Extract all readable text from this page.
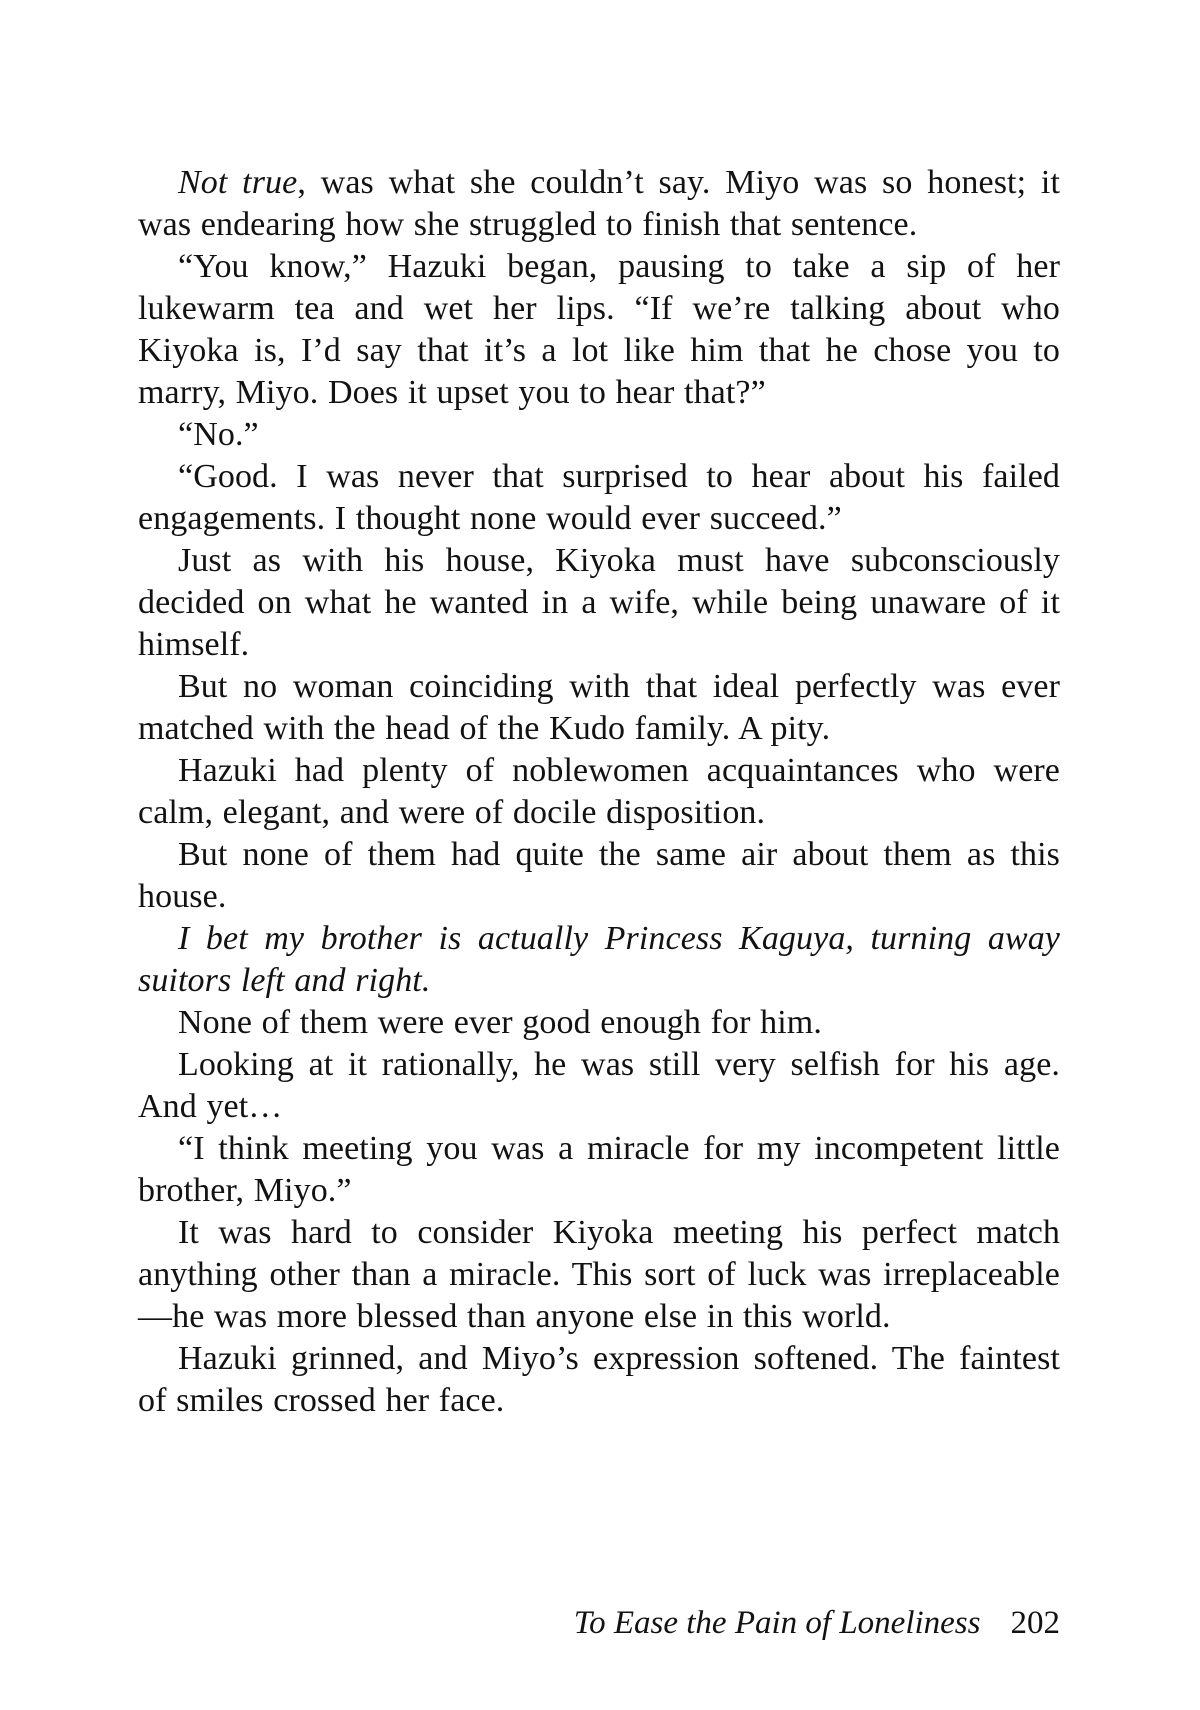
Not true, was what she couldn’t say. Miyo was so honest; it was endearing how she struggled to finish that sentence.

“You know,” Hazuki began, pausing to take a sip of her lukewarm tea and wet her lips. “If we’re talking about who Kiyoka is, I’d say that it’s a lot like him that he chose you to marry, Miyo. Does it upset you to hear that?”

“No.”

“Good. I was never that surprised to hear about his failed engagements. I thought none would ever succeed.”

Just as with his house, Kiyoka must have subconsciously decided on what he wanted in a wife, while being unaware of it himself.

But no woman coinciding with that ideal perfectly was ever matched with the head of the Kudo family. A pity.

Hazuki had plenty of noblewomen acquaintances who were calm, elegant, and were of docile disposition.

But none of them had quite the same air about them as this house.

I bet my brother is actually Princess Kaguya, turning away suitors left and right.

None of them were ever good enough for him.

Looking at it rationally, he was still very selfish for his age. And yet…

“I think meeting you was a miracle for my incompetent little brother, Miyo.”

It was hard to consider Kiyoka meeting his perfect match anything other than a miracle. This sort of luck was irreplaceable—he was more blessed than anyone else in this world.

Hazuki grinned, and Miyo’s expression softened. The faintest of smiles crossed her face.

To Ease the Pain of Loneliness 202
